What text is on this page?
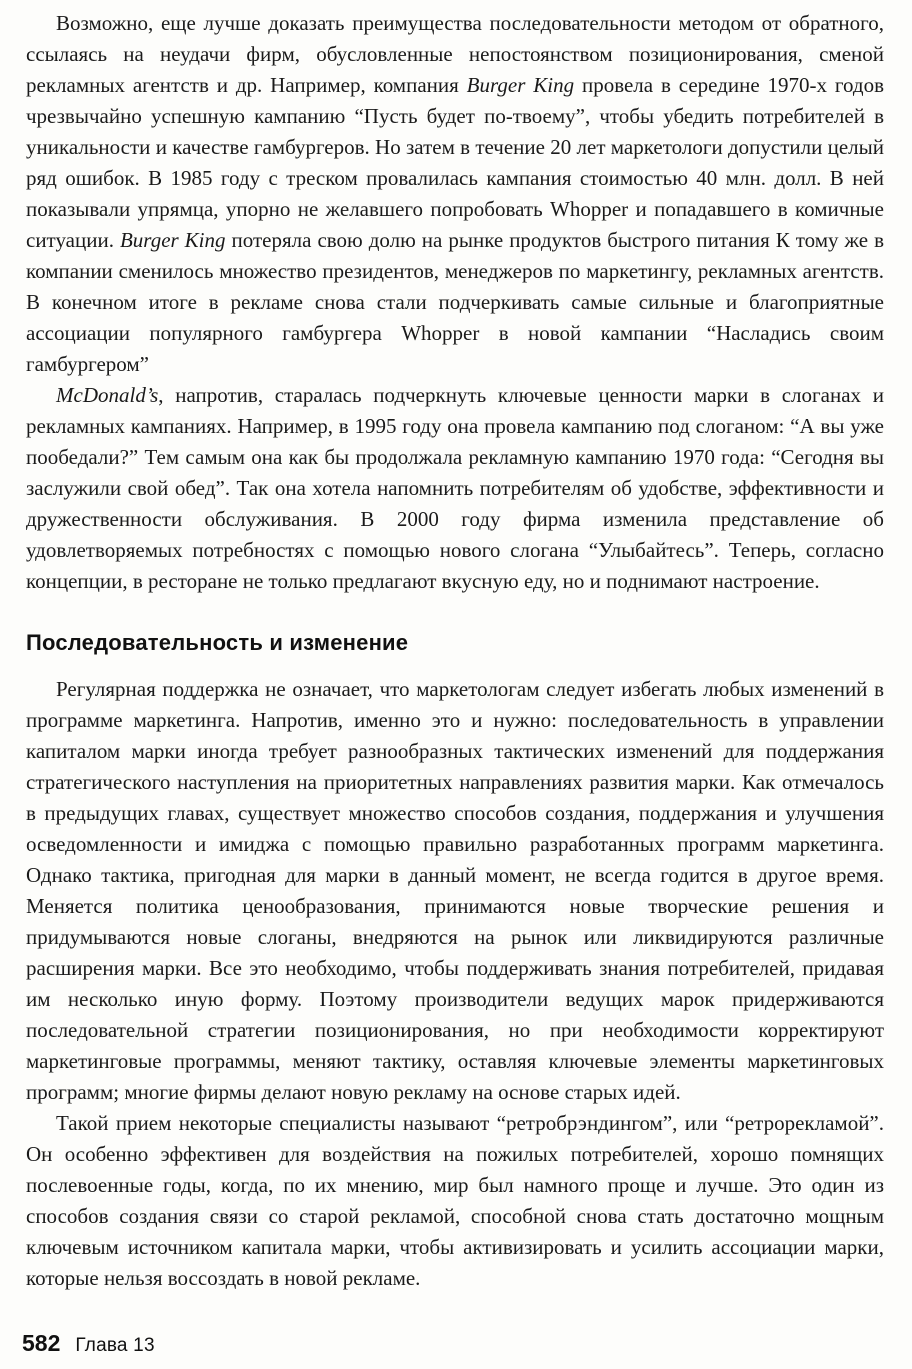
Возможно, еще лучше доказать преимущества последовательности методом от обратного, ссылаясь на неудачи фирм, обусловленные непостоянством позиционирования, сменой рекламных агентств и др. Например, компания Burger King провела в середине 1970-х годов чрезвычайно успешную кампанию “Пусть будет по-твоему”, чтобы убедить потребителей в уникальности и качестве гамбургеров. Но затем в течение 20 лет маркетологи допустили целый ряд ошибок. В 1985 году с треском провалилась кампания стоимостью 40 млн. долл. В ней показывали упрямца, упорно не желавшего попробовать Whopper и попадавшего в комичные ситуации. Burger King потеряла свою долю на рынке продуктов быстрого питания К тому же в компании сменилось множество президентов, менеджеров по маркетингу, рекламных агентств. В конечном итоге в рекламе снова стали подчеркивать самые сильные и благоприятные ассоциации популярного гамбургера Whopper в новой кампании “Насладись своим гамбургером”

McDonald’s, напротив, старалась подчеркнуть ключевые ценности марки в слоганах и рекламных кампаниях. Например, в 1995 году она провела кампанию под слоганом: “А вы уже пообедали?” Тем самым она как бы продолжала рекламную кампанию 1970 года: “Сегодня вы заслужили свой обед”. Так она хотела напомнить потребителям об удобстве, эффективности и дружественности обслуживания. В 2000 году фирма изменила представление об удовлетворяемых потребностях с помощью нового слогана “Улыбайтесь”. Теперь, согласно концепции, в ресторане не только предлагают вкусную еду, но и поднимают настроение.

Последовательность и изменение

Регулярная поддержка не означает, что маркетологам следует избегать любых изменений в программе маркетинга. Напротив, именно это и нужно: последовательность в управлении капиталом марки иногда требует разнообразных тактических изменений для поддержания стратегического наступления на приоритетных направлениях развития марки. Как отмечалось в предыдущих главах, существует множество способов создания, поддержания и улучшения осведомленности и имиджа с помощью правильно разработанных программ маркетинга. Однако тактика, пригодная для марки в данный момент, не всегда годится в другое время. Меняется политика ценообразования, принимаются новые творческие решения и придумываются новые слоганы, внедряются на рынок или ликвидируются различные расширения марки. Все это необходимо, чтобы поддерживать знания потребителей, придавая им несколько иную форму. Поэтому производители ведущих марок придерживаются последовательной стратегии позиционирования, но при необходимости корректируют маркетинговые программы, меняют тактику, оставляя ключевые элементы маркетинговых программ; многие фирмы делают новую рекламу на основе старых идей.

Такой прием некоторые специалисты называют “ретробрэндингом”, или “ретрорекламой”. Он особенно эффективен для воздействия на пожилых потребителей, хорошо помнящих послевоенные годы, когда, по их мнению, мир был намного проще и лучше. Это один из способов создания связи со старой рекламой, способной снова стать достаточно мощным ключевым источником капитала марки, чтобы активизировать и усилить ассоциации марки, которые нельзя воссоздать в новой рекламе.

582 Глава 13
